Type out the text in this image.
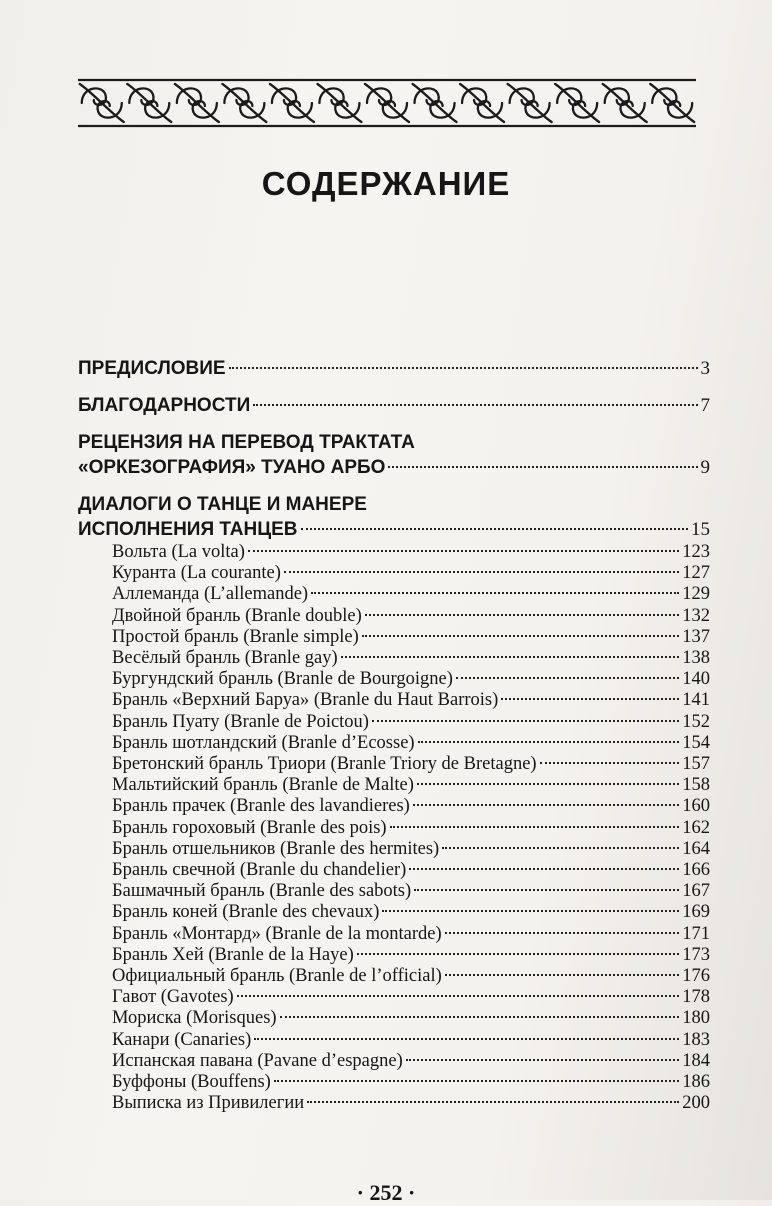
СОДЕРЖАНИЕ
ПРЕДИСЛОВИЕ	3
БЛАГОДАРНОСТИ	7
РЕЦЕНЗИЯ НА ПЕРЕВОД ТРАКТАТА
«ОРКЕЗОГРАФИЯ» ТУАНО АРБО	9
ДИАЛОГИ О ТАНЦЕ И МАНЕРЕ
ИСПОЛНЕНИЯ ТАНЦЕВ	15
Вольта (La volta)	123
Куранта (La courante)	127
Аллеманда (L’allemande)	129
Двойной бранль (Branle double)	132
Простой бранль (Branle simple)	137
Весёлый бранль (Branle gay)	138
Бургундский бранль (Branle de Bourgoigne)	140
Бранль «Верхний Баруа» (Branle du Haut Barrois)	141
Бранль Пуату (Branle de Poictou)	152
Бранль шотландский (Branle d’Ecosse)	154
Бретонский бранль Триори (Branle Triory de Bretagne)	157
Мальтийский бранль (Branle de Malte)	158
Бранль прачек (Branle des lavandieres)	160
Бранль гороховый (Branle des pois)	162
Бранль отшельников (Branle des hermites)	164
Бранль свечной (Branle du chandelier)	166
Башмачный бранль (Branle des sabots)	167
Бранль коней (Branle des chevaux)	169
Бранль «Монтард» (Branle de la montarde)	171
Бранль Хей (Branle de la Haye)	173
Официальный бранль (Branle de l’official)	176
Гавот (Gavotes)	178
Мориска (Morisques)	180
Канари (Canaries)	183
Испанская павана (Pavane d’espagne)	184
Буффоны (Bouffens)	186
Выписка из Привилегии	200
· 252 ·
